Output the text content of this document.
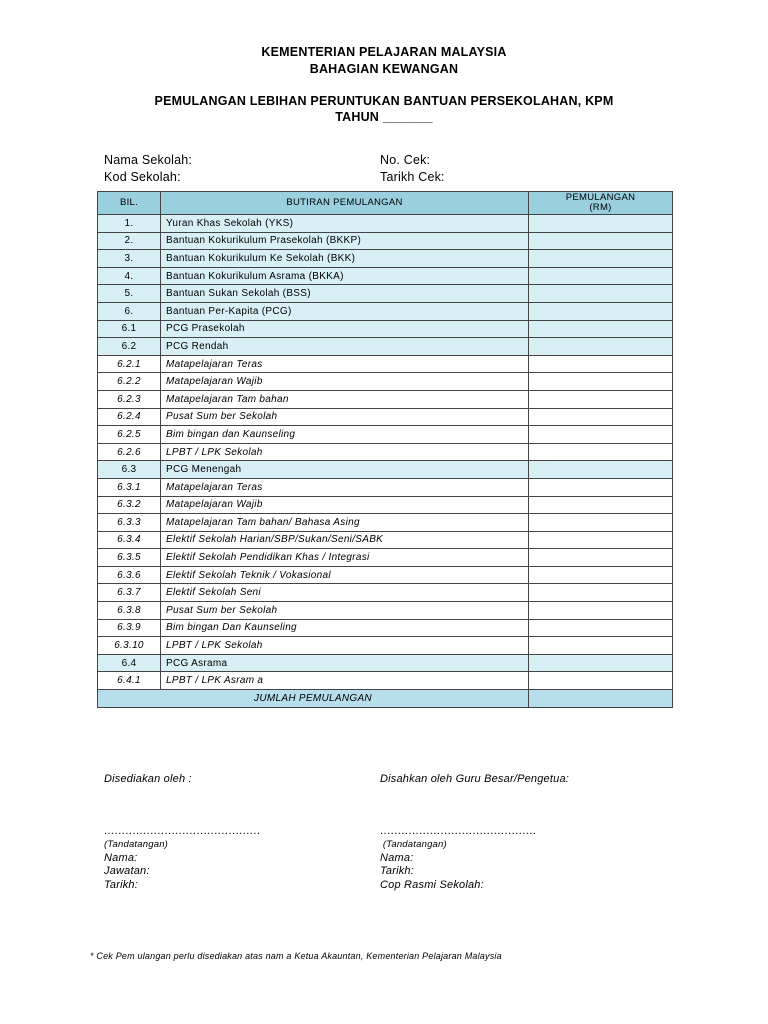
KEMENTERIAN PELAJARAN MALAYSIA
BAHAGIAN KEWANGAN
PEMULANGAN LEBIHAN PERUNTUKAN BANTUAN PERSEKOLAHAN, KPM
TAHUN _______
Nama Sekolah:
Kod Sekolah:
No. Cek:
Tarikh Cek:
BIL.	BUTIRAN PEMULANGAN	PEMULANGAN
(RM)

1.	Yuran Khas Sekolah (YKS)	
2.	Bantuan Kokurikulum Prasekolah (BKKP)	
3.	Bantuan Kokurikulum Ke Sekolah (BKK)	
4.	Bantuan Kokurikulum Asrama (BKKA)	
5.	Bantuan Sukan Sekolah (BSS)	
6.	Bantuan Per-Kapita (PCG)	
6.1	PCG Prasekolah	
6.2	PCG Rendah	
6.2.1	Matapelajaran Teras	
6.2.2	Matapelajaran Wajib	
6.2.3	Matapelajaran Tam bahan	
6.2.4	Pusat Sum ber Sekolah	
6.2.5	Bim bingan dan Kaunseling	
6.2.6	LPBT / LPK Sekolah	
6.3	PCG Menengah	
6.3.1	Matapelajaran Teras	
6.3.2	Matapelajaran Wajib	
6.3.3	Matapelajaran Tam bahan/ Bahasa Asing	
6.3.4	Elektif Sekolah Harian/SBP/Sukan/Seni/SABK	
6.3.5	Elektif Sekolah Pendidikan Khas / Integrasi	
6.3.6	Elektif Sekolah Teknik / Vokasional	
6.3.7	Elektif Sekolah Seni	
6.3.8	Pusat Sum ber Sekolah	
6.3.9	Bim bingan Dan Kaunseling	
6.3.10	LPBT / LPK Sekolah	
6.4	PCG Asrama	
6.4.1	LPBT / LPK Asram a	
JUMLAH PEMULANGAN		
Disediakan oleh :
............................................
(Tandatangan)
Nama:
Jawatan:
Tarikh:
Disahkan oleh Guru Besar/Pengetua:
............................................
(Tandatangan)
Nama:
Tarikh:
Cop Rasmi Sekolah:
* Cek Pem ulangan perlu disediakan atas nam a Ketua Akauntan, Kementerian Pelajaran Malaysia
